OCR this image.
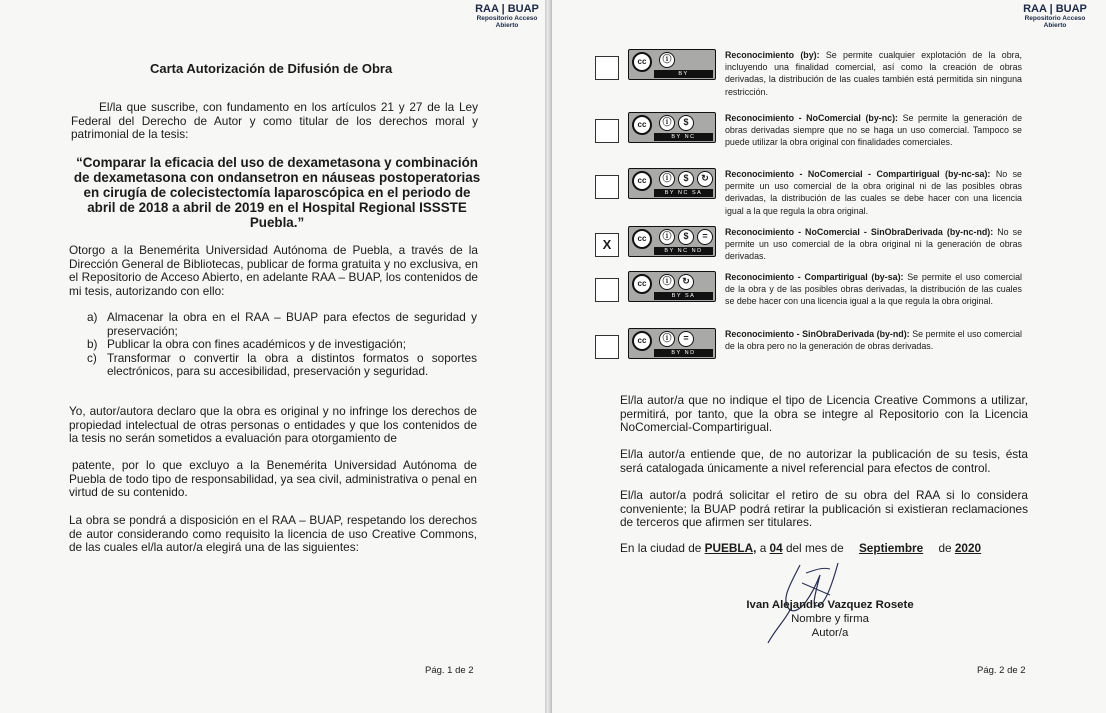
RAA | BUAP
Repositorio Acceso
Abierto
Carta Autorización de Difusión de Obra
El/la que suscribe, con fundamento en los artículos 21 y 27 de la Ley Federal del Derecho de Autor y como titular de los derechos moral y patrimonial de la tesis:
“Comparar la eficacia del uso de dexametasona y combinación de dexametasona con ondansetron en náuseas postoperatorias en cirugía de colecistectomía laparoscópica en el periodo de abril de 2018 a abril de 2019 en el Hospital Regional ISSSTE Puebla.”
Otorgo a la Benemérita Universidad Autónoma de Puebla, a través de la Dirección General de Bibliotecas, publicar de forma gratuita y no exclusiva, en el Repositorio de Acceso Abierto, en adelante RAA – BUAP, los contenidos de mi tesis, autorizando con ello:
a) Almacenar la obra en el RAA – BUAP para efectos de seguridad y preservación;
b) Publicar la obra con fines académicos y de investigación;
c) Transformar o convertir la obra a distintos formatos o soportes electrónicos, para su accesibilidad, preservación y seguridad.
Yo, autor/autora declaro que la obra es original y no infringe los derechos de propiedad intelectual de otras personas o entidades y que los contenidos de la tesis no serán sometidos a evaluación para otorgamiento de
patente, por lo que excluyo a la Benemérita Universidad Autónoma de Puebla de todo tipo de responsabilidad, ya sea civil, administrativa o penal en virtud de su contenido.
La obra se pondrá a disposición en el RAA – BUAP, respetando los derechos de autor considerando como requisito la licencia de uso Creative Commons, de las cuales el/la autor/a elegirá una de las siguientes:
Pág. 1 de 2
RAA | BUAP
Repositorio Acceso
Abierto
cc	ⓘ
BY
Reconocimiento (by): Se permite cualquier explotación de la obra, incluyendo una finalidad comercial, así como la creación de obras derivadas, la distribución de las cuales también está permitida sin ninguna restricción.
cc	ⓘ	$
BY NC
Reconocimiento - NoComercial (by-nc): Se permite la generación de obras derivadas siempre que no se haga un uso comercial. Tampoco se puede utilizar la obra original con finalidades comerciales.
cc	ⓘ	$	↻
BY NC SA
Reconocimiento - NoComercial - Compartirigual (by-nc-sa): No se permite un uso comercial de la obra original ni de las posibles obras derivadas, la distribución de las cuales se debe hacer con una licencia igual a la que regula la obra original.
X	cc	ⓘ	$	=
BY NC ND
Reconocimiento - NoComercial - SinObraDerivada (by-nc-nd): No se permite un uso comercial de la obra original ni la generación de obras derivadas.
cc	ⓘ	↻
BY SA
Reconocimiento - Compartirigual (by-sa): Se permite el uso comercial de la obra y de las posibles obras derivadas, la distribución de las cuales se debe hacer con una licencia igual a la que regula la obra original.
cc	ⓘ	=
BY ND
Reconocimiento - SinObraDerivada (by-nd): Se permite el uso comercial de la obra pero no la generación de obras derivadas.
El/la autor/a que no indique el tipo de Licencia Creative Commons a utilizar, permitirá, por tanto, que la obra se integre al Repositorio con la Licencia NoComercial-Compartirigual.
El/la autor/a entiende que, de no autorizar la publicación de su tesis, ésta será catalogada únicamente a nivel referencial para efectos de control.
El/la autor/a podrá solicitar el retiro de su obra del RAA si lo considera conveniente; la BUAP podrá retirar la publicación si existieran reclamaciones de terceros que afirmen ser titulares.
En la ciudad de PUEBLA, a 04 del mes de Septiembre de 2020
Ivan Alejandro Vazquez Rosete
Nombre y firma
Autor/a
Pág. 2 de 2
